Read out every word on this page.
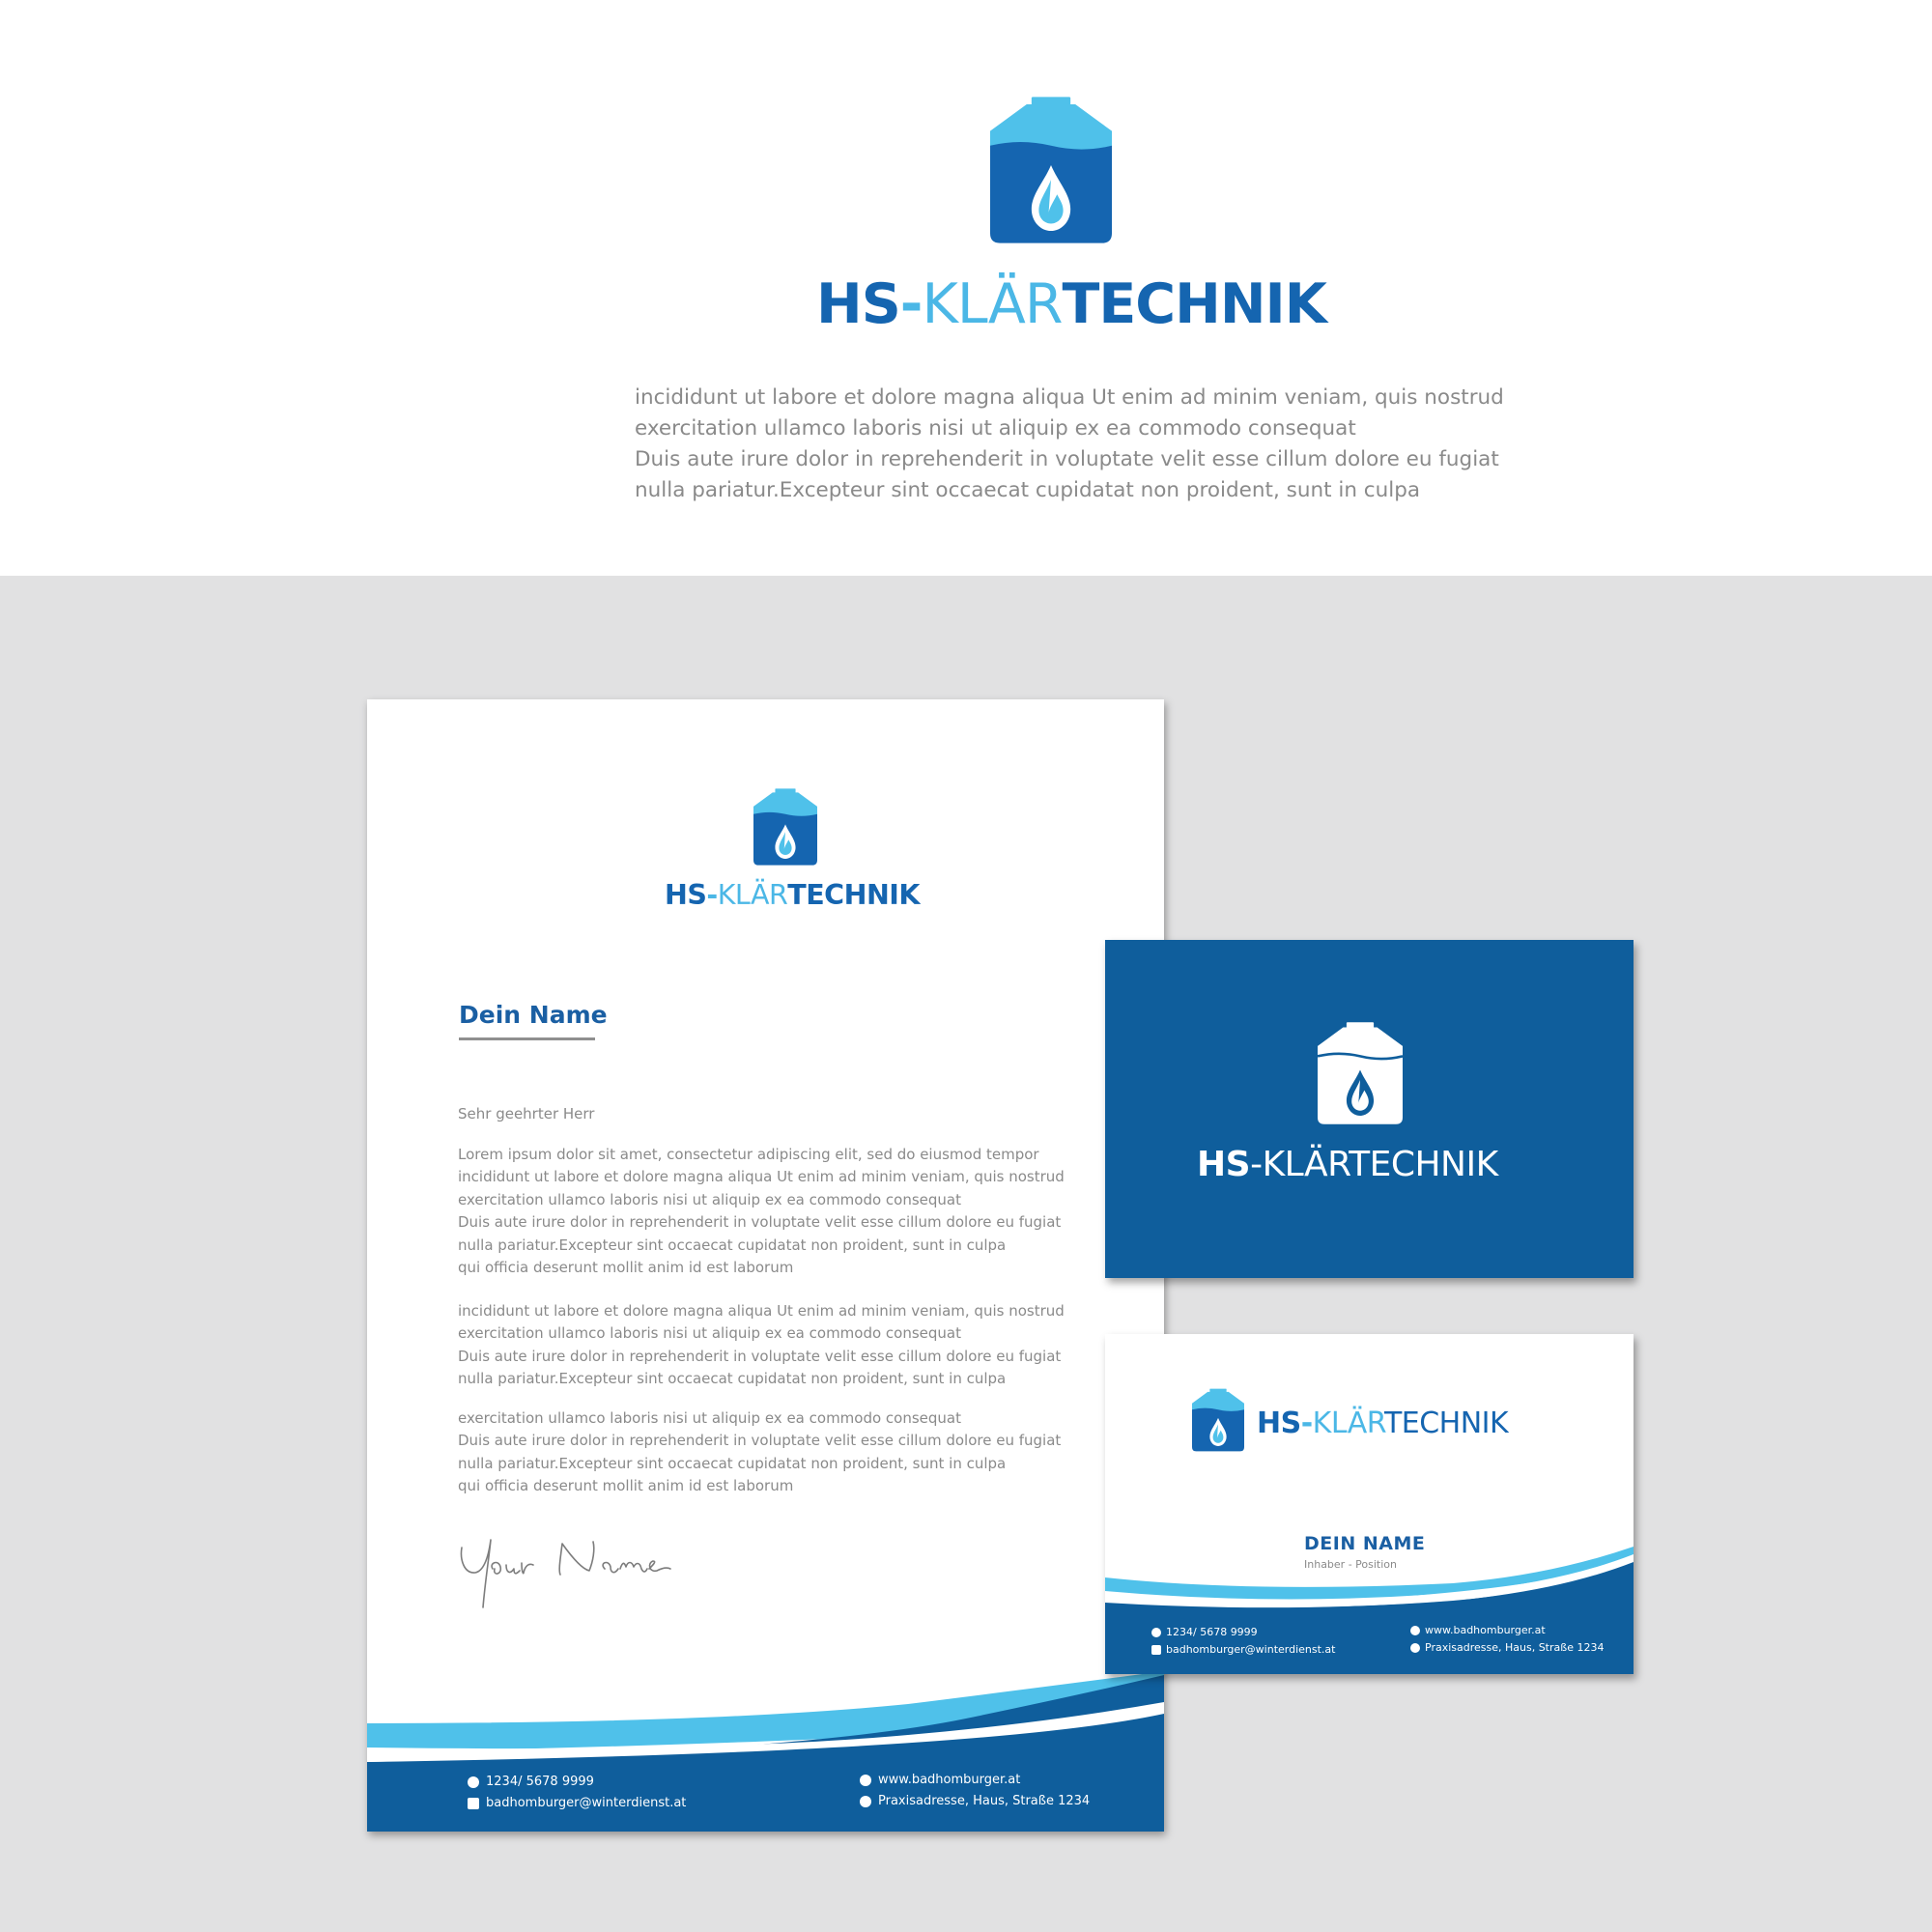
HS-KLÄRTECHNIK
incididunt ut labore et dolore magna aliqua Ut enim ad minim veniam, quis nostrud
exercitation ullamco laboris nisi ut aliquip ex ea commodo consequat
Duis aute irure dolor in reprehenderit in voluptate velit esse cillum dolore eu fugiat
nulla pariatur.Excepteur sint occaecat cupidatat non proident, sunt in culpa
HS-KLÄRTECHNIK
Dein Name
Sehr geehrter Herr
Lorem ipsum dolor sit amet, consectetur adipiscing elit, sed do eiusmod tempor
incididunt ut labore et dolore magna aliqua Ut enim ad minim veniam, quis nostrud
exercitation ullamco laboris nisi ut aliquip ex ea commodo consequat
Duis aute irure dolor in reprehenderit in voluptate velit esse cillum dolore eu fugiat
nulla pariatur.Excepteur sint occaecat cupidatat non proident, sunt in culpa
qui officia deserunt mollit anim id est laborum
incididunt ut labore et dolore magna aliqua Ut enim ad minim veniam, quis nostrud
exercitation ullamco laboris nisi ut aliquip ex ea commodo consequat
Duis aute irure dolor in reprehenderit in voluptate velit esse cillum dolore eu fugiat
nulla pariatur.Excepteur sint occaecat cupidatat non proident, sunt in culpa
exercitation ullamco laboris nisi ut aliquip ex ea commodo consequat
Duis aute irure dolor in reprehenderit in voluptate velit esse cillum dolore eu fugiat
nulla pariatur.Excepteur sint occaecat cupidatat non proident, sunt in culpa
qui officia deserunt mollit anim id est laborum
1234/ 5678 9999
badhomburger@winterdienst.at
www.badhomburger.at
Praxisadresse, Haus, Straße 1234
HS-KLÄRTECHNIK
HS-KLÄRTECHNIK
DEIN NAME
Inhaber - Position
1234/ 5678 9999
badhomburger@winterdienst.at
www.badhomburger.at
Praxisadresse, Haus, Straße 1234
